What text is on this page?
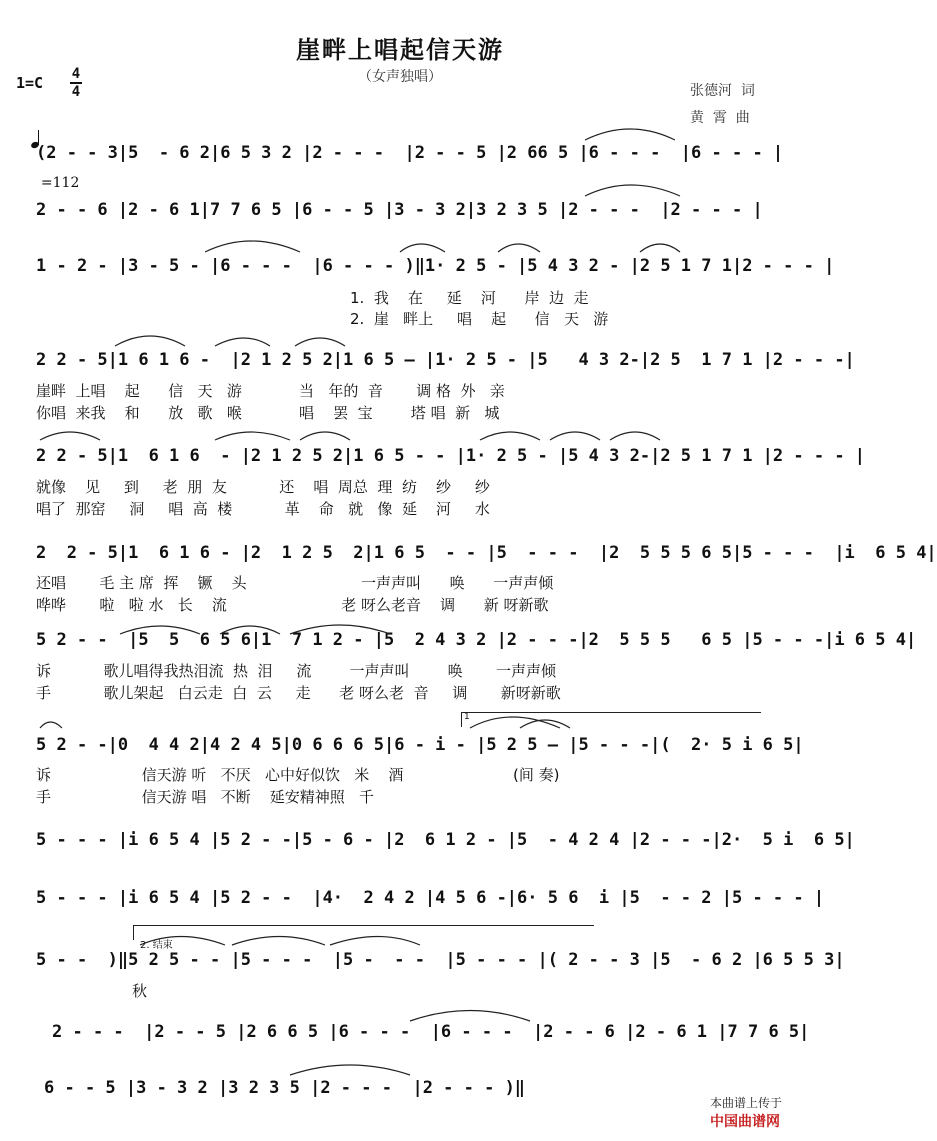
崖畔上唱起信天游
（女声独唱）
张德河  词
黄  霄  曲
1=C 4
4

=112

(2 - - 3|5  - 6 2|6 5 3 2 |2 - - -  |2 - - 5 |2 66 5 |6 - - -  |6 - - - |
2 - - 6 |2 - 6 1|7 7 6 5 |6 - - 5 |3 - 3 2|3 2 3 5 |2 - - -  |2 - - - |
1 - 2 - |3 - 5 - |6 - - -  |6 - - - )‖1· 2 5 - |5 4 3 2 - |2 5 1 7 1|2 - - - |
1.  我    在     延    河      岸  边  走
2.  崖   畔上     唱    起      信   天   游
2 2 - 5|1 6 1 6 -  |2 1 2 5 2|1 6 5 — |1· 2 5 - |5   4 3 2-|2 5  1 7 1 |2 - - -|
崖畔  上唱    起      信   天   游            当   年的  音       调 格  外   亲
你唱  来我    和      放   歌   喉            唱    罢  宝        塔 唱  新   城
2 2 - 5|1  6 1 6  - |2 1 2 5 2|1 6 5 - - |1· 2 5 - |5 4 3 2-|2 5 1 7 1 |2 - - - |
就像    见     到     老  朋  友           还    唱  周总  理  纺    纱     纱
唱了  那窑     洞     唱  高  楼           革    命   就   像  延    河     水
2  2 - 5|1  6 1 6 - |2  1 2 5  2|1 6 5  - - |5  - - -  |2  5 5 5 6 5|5 - - -  |i  6 5 4|
还唱       毛 主 席  挥    镢    头                        一声声叫      唤      一声声倾
哗哗       啦   啦 水   长    流                        老 呀么老音    调      新 呀新歌
5 2 - -  |5  5  6 5 6|1  7 1 2 - |5  2 4 3 2 |2 - - -|2  5 5 5   6 5 |5 - - -|i 6 5 4|
诉           歌儿唱得我热泪流  热  泪     流        一声声叫        唤       一声声倾
手           歌儿架起   白云走  白  云     走      老 呀么老  音     调       新呀新歌
5 2 - -|0  4 4 2|4 2 4 5|0 6 6 6 5|6 - i - |5 2 5 — |5 - - -|(  2· 5 i 6 5|
诉                   信天游 听   不厌   心中好似饮   米    酒                       (间 奏)
手                   信天游 唱   不断    延安精神照   千
5 - - - |i 6 5 4 |5 2 - -|5 - 6 - |2  6 1 2 - |5  - 4 2 4 |2 - - -|2·  5 i  6 5|
5 - - - |i 6 5 4 |5 2 - -  |4·  2 4 2 |4 5 6 -|6· 5 6  i |5  - - 2 |5 - - - |
5 - -  )‖5 2 5 - - |5 - - -  |5 -  - -  |5 - - - |( 2 - - 3 |5  - 6 2 |6 5 5 3|
秋
2 - - -  |2 - - 5 |2 6 6 5 |6 - - -  |6 - - -  |2 - - 6 |2 - 6 1 |7 7 6 5|
6 - - 5 |3 - 3 2 |3 2 3 5 |2 - - -  |2 - - - )‖
1
2. 结束

本曲谱上传于
中国曲谱网
